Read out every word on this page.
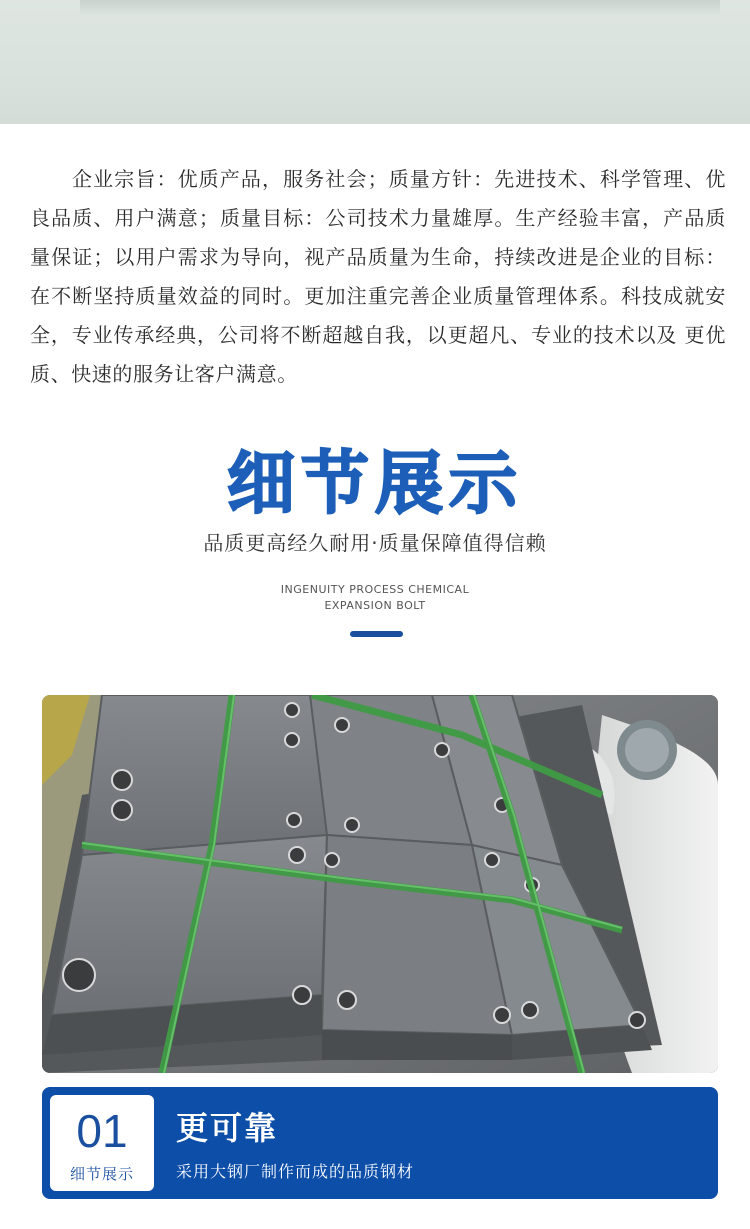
企业宗旨：优质产品，服务社会；质量方针：先进技术、科学管理、优良品质、用户满意；质量目标：公司技术力量雄厚。生产经验丰富，产品质量保证；以用户需求为导向，视产品质量为生命，持续改进是企业的目标：在不断坚持质量效益的同时。更加注重完善企业质量管理体系。科技成就安全，专业传承经典，公司将不断超越自我，以更超凡、专业的技术以及 更优质、快速的服务让客户满意。

细节展示
品质更高经久耐用·质量保障值得信赖
INGENUITY PROCESS CHEMICAL
EXPANSION BOLT
01
细节展示
更可靠
采用大钢厂制作而成的品质钢材
